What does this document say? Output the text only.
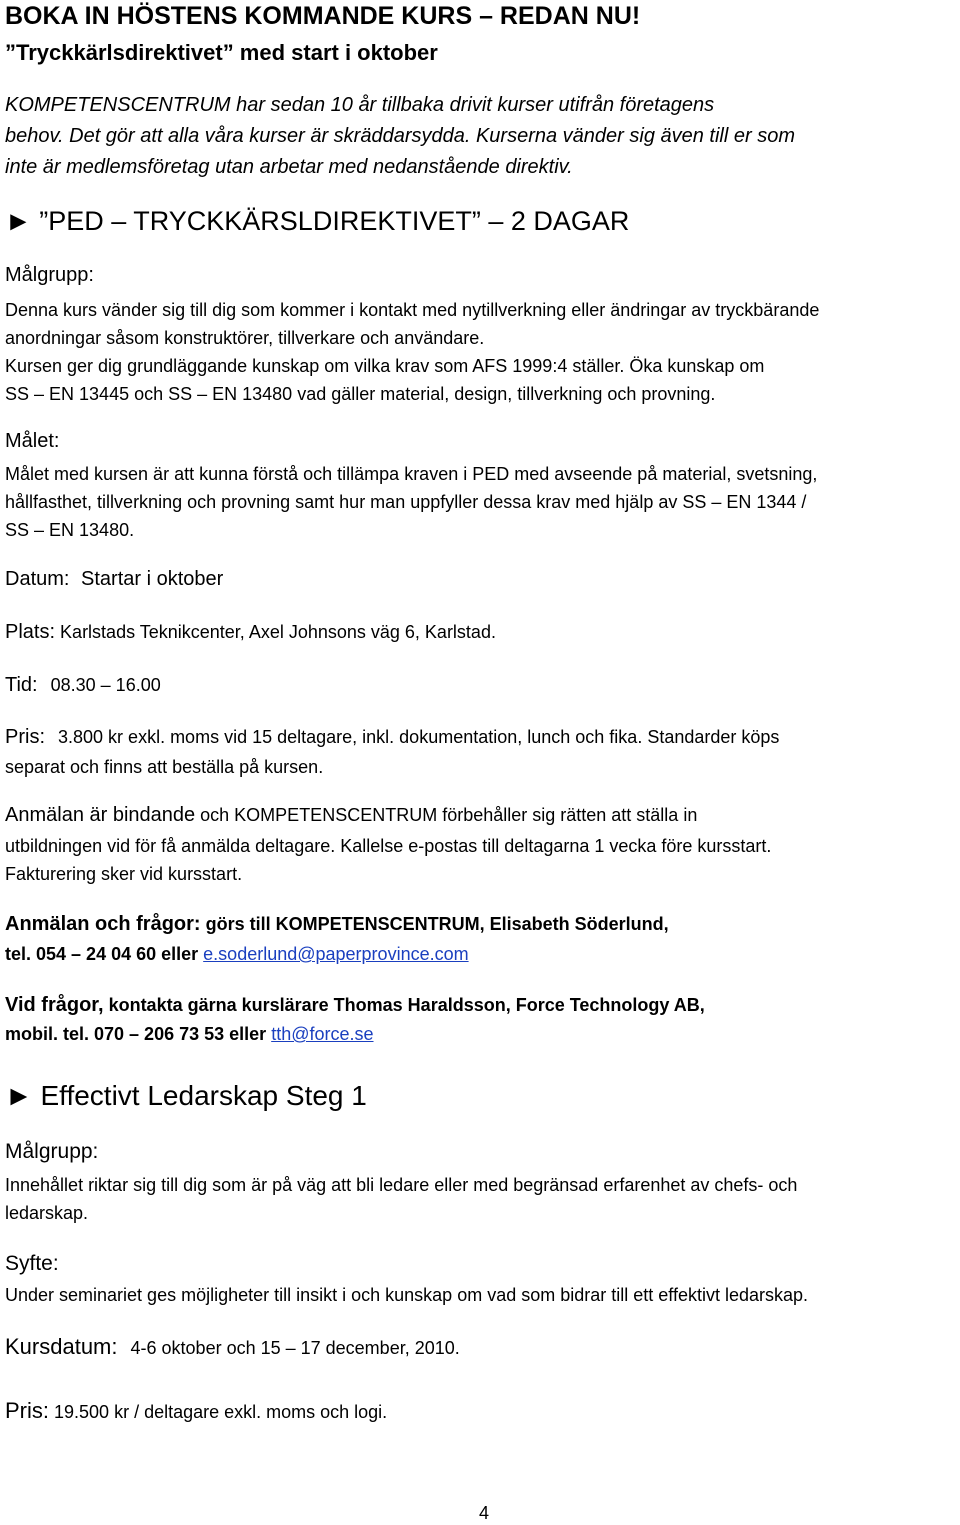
BOKA IN HÖSTENS KOMMANDE KURS – REDAN NU!
”Tryckkärlsdirektivet” med start i oktober
KOMPETENSCENTRUM har sedan 10 år tillbaka drivit kurser utifrån företagens
behov. Det gör att alla våra kurser är skräddarsydda. Kurserna vänder sig även till er som
inte är medlemsföretag utan arbetar med nedanstående direktiv.
► ”PED – TRYCKKÄRSLDIREKTIVET” – 2 DAGAR
Målgrupp:
Denna kurs vänder sig till dig som kommer i kontakt med nytillverkning eller ändringar av tryckbärande
anordningar såsom konstruktörer, tillverkare och användare.
Kursen ger dig grundläggande kunskap om vilka krav som AFS 1999:4 ställer. Öka kunskap om
SS – EN 13445 och SS – EN 13480 vad gäller material, design, tillverkning och provning.
Målet:
Målet med kursen är att kunna förstå och tillämpa kraven i PED med avseende på material, svetsning,
hållfasthet, tillverkning och provning samt hur man uppfyller dessa krav med hjälp av SS – EN 1344 /
SS – EN 13480.
Datum: Startar i oktober
Plats: Karlstads Teknikcenter, Axel Johnsons väg 6, Karlstad.
Tid: 08.30 – 16.00
Pris: 3.800 kr exkl. moms vid 15 deltagare, inkl. dokumentation, lunch och fika. Standarder köps
separat och finns att beställa på kursen.
Anmälan är bindande och KOMPETENSCENTRUM förbehåller sig rätten att ställa in
utbildningen vid för få anmälda deltagare. Kallelse e-postas till deltagarna 1 vecka före kursstart.
Fakturering sker vid kursstart.
Anmälan och frågor: görs till KOMPETENSCENTRUM, Elisabeth Söderlund,
tel. 054 – 24 04 60 eller e.soderlund@paperprovince.com
Vid frågor, kontakta gärna kurslärare Thomas Haraldsson, Force Technology AB,
mobil. tel. 070 – 206 73 53 eller tth@force.se
► Effectivt Ledarskap Steg 1
Målgrupp:
Innehållet riktar sig till dig som är på väg att bli ledare eller med begränsad erfarenhet av chefs- och
ledarskap.
Syfte:
Under seminariet ges möjligheter till insikt i och kunskap om vad som bidrar till ett effektivt ledarskap.
Kursdatum: 4-6 oktober och 15 – 17 december, 2010.
Pris: 19.500 kr / deltagare exkl. moms och logi.
4
